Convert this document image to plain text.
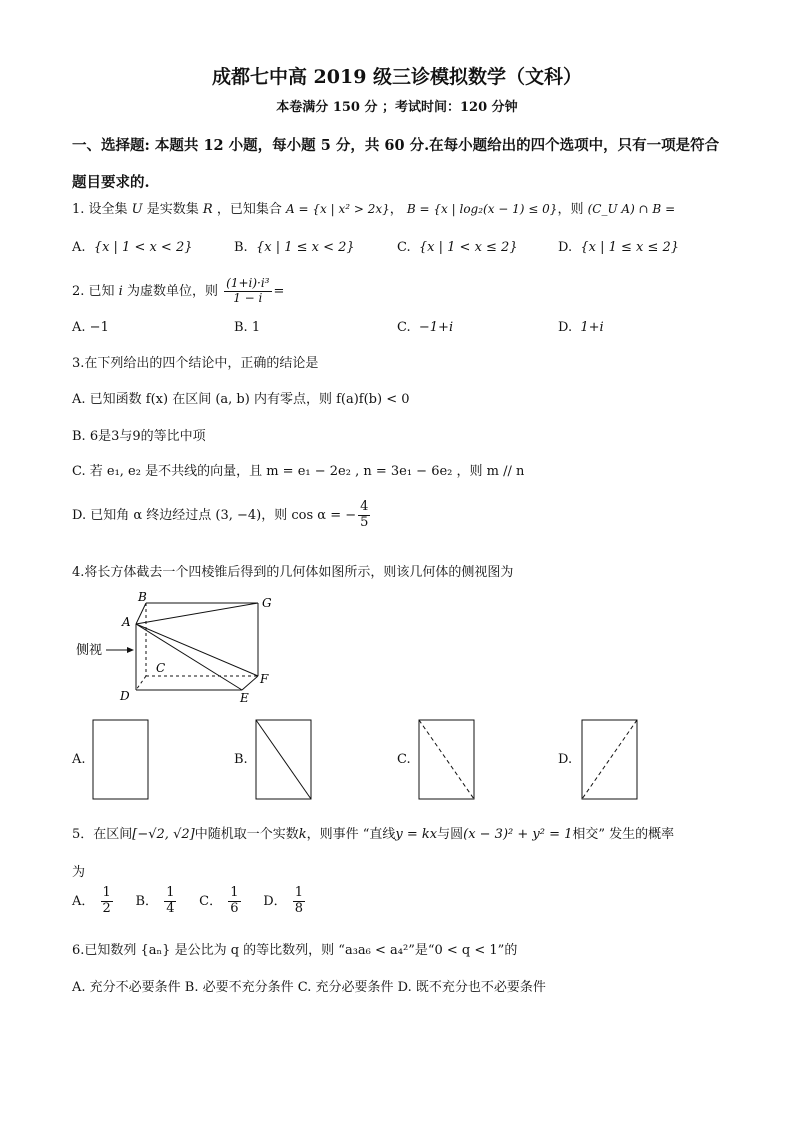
成都七中高 2019 级三诊模拟数学（文科）
本卷满分 150 分 ；考试时间：120 分钟
一、选择题: 本题共 12 小题，每小题 5 分，共 60 分.在每小题给出的四个选项中，只有一项是符合题目要求的.
1. 设全集 U 是实数集 R ，已知集合 A = {x | x² > 2x}， B = {x | log₂(x − 1) ≤ 0}，则 (C_U A) ∩ B =
A. {x | 1 < x < 2}	B. {x | 1 ≤ x < 2}	C. {x | 1 < x ≤ 2}	D. {x | 1 ≤ x ≤ 2}
2. 已知 i 为虚数单位，则 $\frac{\text{(1+i)·i³}}{1 - i}$ =
A. −1	B. 1	C. −1+i	D. 1+i
3.在下列给出的四个结论中，正确的结论是
A. 已知函数 f(x) 在区间 (a, b) 内有零点，则 f(a)f(b) < 0
B. 6是3与9的等比中项
C. 若 e₁, e₂ 是不共线的向量，且 m = e₁ − 2e₂ , n = 3e₁ − 6e₂ ，则 m // n
D. 已知角 α 终边经过点 (3, −4)，则 cos α = − $\frac{4}{5}$
4.将长方体截去一个四棱锥后得到的几何体如图所示，则该几何体的侧视图为
侧视
A
B	G
C
D	E
F
A.	B.	C.	D.
5．在区间[−√2, √2]中随机取一个实数k，则事件 “直线y = kx与圆(x − 3)² + y² = 1相交” 发生的概率
为
A． $\frac{1}{2}$ B． $\frac{1}{4}$ C． $\frac{1}{6}$ D． $\frac{1}{8}$
6.已知数列 {aₙ} 是公比为 q 的等比数列，则 “a₃a₆ < a₄²”是“0 < q < 1”的
A. 充分不必要条件 B. 必要不充分条件 C. 充分必要条件 D. 既不充分也不必要条件
